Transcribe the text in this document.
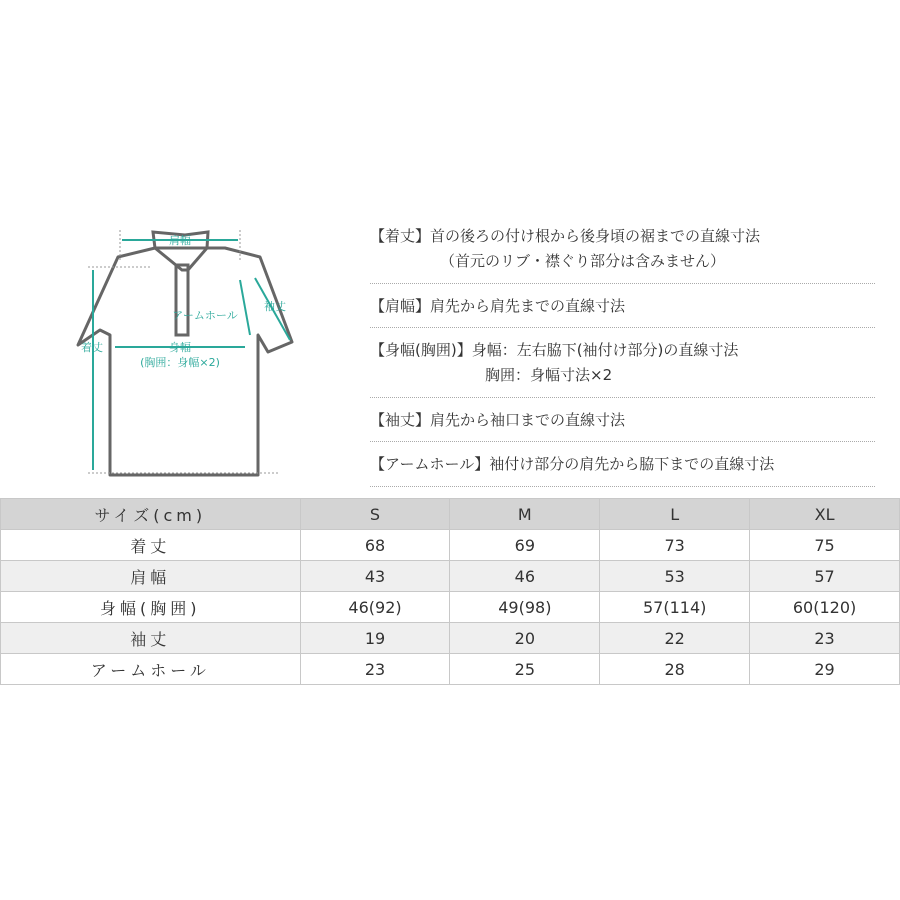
肩幅
袖丈
アームホール
着丈	身幅
(胸囲：身幅×2)
【着丈】首の後ろの付け根から後身頃の裾までの直線寸法
（首元のリブ・襟ぐり部分は含みません）
【肩幅】肩先から肩先までの直線寸法
【身幅(胸囲)】身幅：左右脇下(袖付け部分)の直線寸法
胸囲：身幅寸法×2
【袖丈】肩先から袖口までの直線寸法
【アームホール】袖付け部分の肩先から脇下までの直線寸法
サイズ(cm)	S	M	L	XL
着丈	68	69	73	75
肩幅	43	46	53	57
身幅(胸囲)	46(92)	49(98)	57(114)	60(120)
袖丈	19	20	22	23
アームホール	23	25	28	29
